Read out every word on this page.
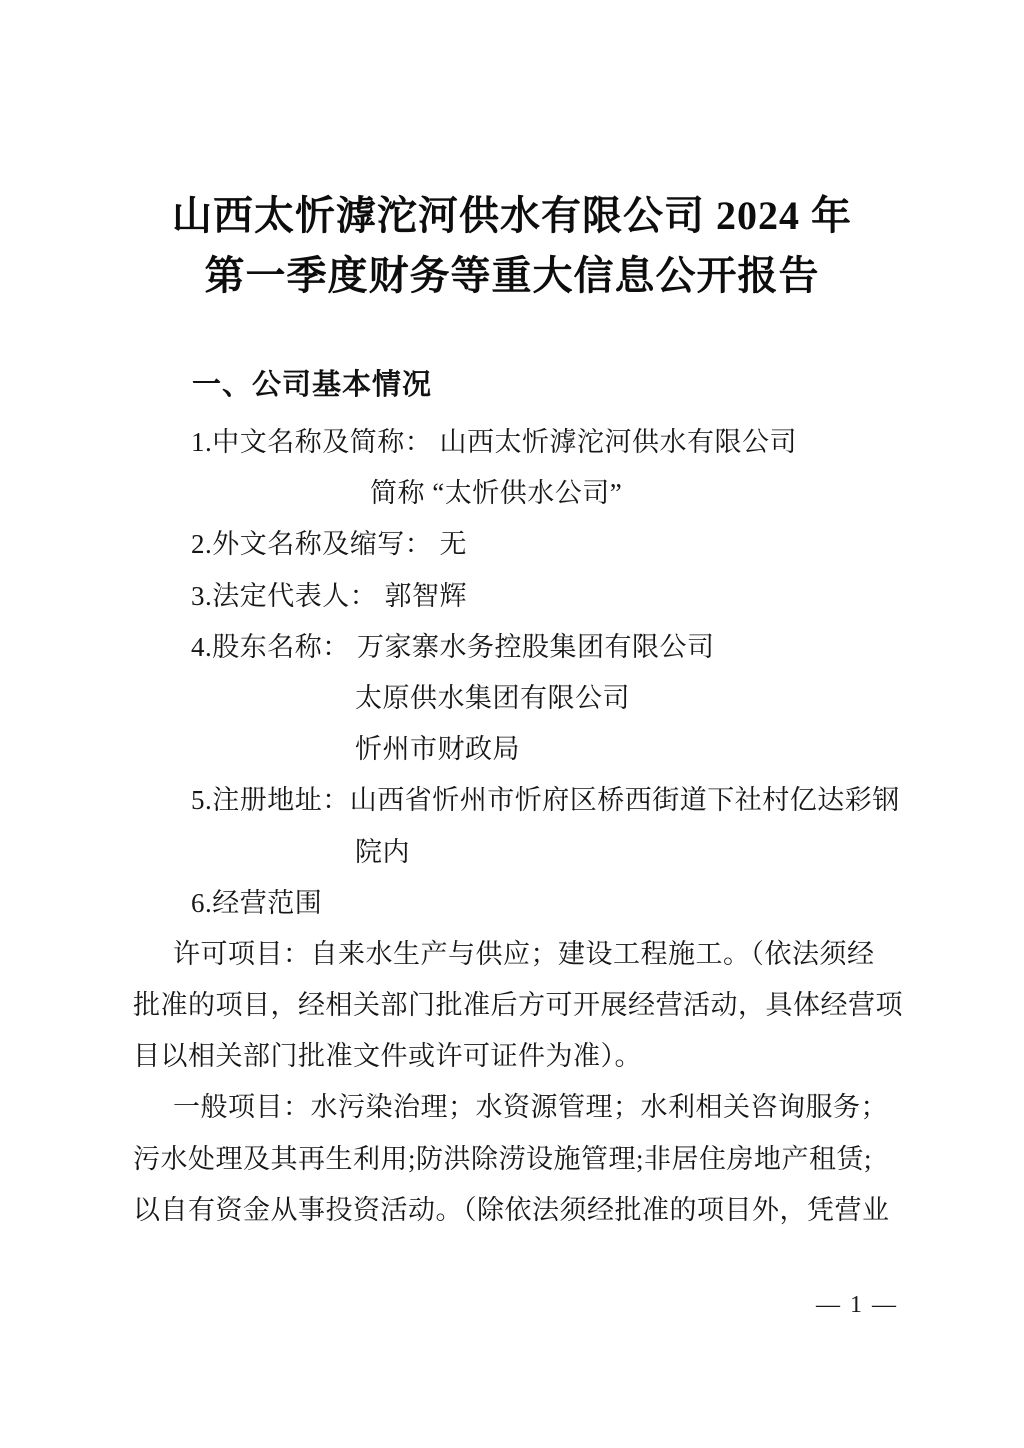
山西太忻滹沱河供水有限公司 2024 年
第一季度财务等重大信息公开报告
一、公司基本情况
1.中文名称及简称： 山西太忻滹沱河供水有限公司
简称 “太忻供水公司”
2.外文名称及缩写： 无
3.法定代表人： 郭智辉
4.股东名称： 万家寨水务控股集团有限公司
太原供水集团有限公司
忻州市财政局
5.注册地址：山西省忻州市忻府区桥西街道下社村亿达彩钢
院内
6.经营范围
许可项目：自来水生产与供应；建设工程施工。（依法须经
批准的项目，经相关部门批准后方可开展经营活动，具体经营项
目以相关部门批准文件或许可证件为准）。
一般项目：水污染治理；水资源管理；水利相关咨询服务；
污水处理及其再生利用;防洪除涝设施管理;非居住房地产租赁;
以自有资金从事投资活动。（除依法须经批准的项目外，凭营业
— 1 —
